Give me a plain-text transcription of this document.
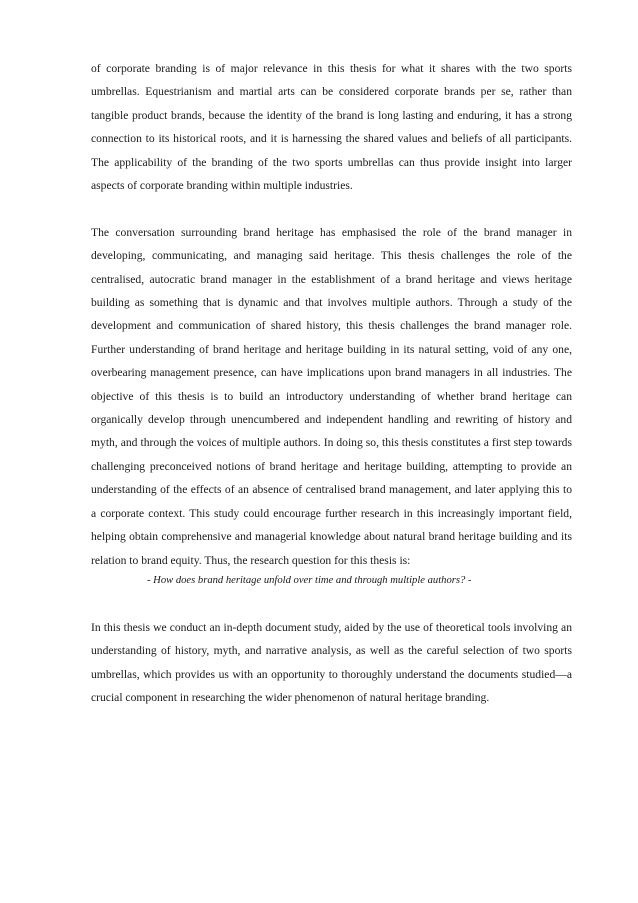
of corporate branding is of major relevance in this thesis for what it shares with the two sports umbrellas. Equestrianism and martial arts can be considered corporate brands per se, rather than tangible product brands, because the identity of the brand is long lasting and enduring, it has a strong connection to its historical roots, and it is harnessing the shared values and beliefs of all participants. The applicability of the branding of the two sports umbrellas can thus provide insight into larger aspects of corporate branding within multiple industries.

The conversation surrounding brand heritage has emphasised the role of the brand manager in developing, communicating, and managing said heritage. This thesis challenges the role of the centralised, autocratic brand manager in the establishment of a brand heritage and views heritage building as something that is dynamic and that involves multiple authors. Through a study of the development and communication of shared history, this thesis challenges the brand manager role. Further understanding of brand heritage and heritage building in its natural setting, void of any one, overbearing management presence, can have implications upon brand managers in all industries. The objective of this thesis is to build an introductory understanding of whether brand heritage can organically develop through unencumbered and independent handling and rewriting of history and myth, and through the voices of multiple authors. In doing so, this thesis constitutes a first step towards challenging preconceived notions of brand heritage and heritage building, attempting to provide an understanding of the effects of an absence of centralised brand management, and later applying this to a corporate context. This study could encourage further research in this increasingly important field, helping obtain comprehensive and managerial knowledge about natural brand heritage building and its relation to brand equity. Thus, the research question for this thesis is:

- How does brand heritage unfold over time and through multiple authors? -

In this thesis we conduct an in-depth document study, aided by the use of theoretical tools involving an understanding of history, myth, and narrative analysis, as well as the careful selection of two sports umbrellas, which provides us with an opportunity to thoroughly understand the documents studied—a crucial component in researching the wider phenomenon of natural heritage branding.
